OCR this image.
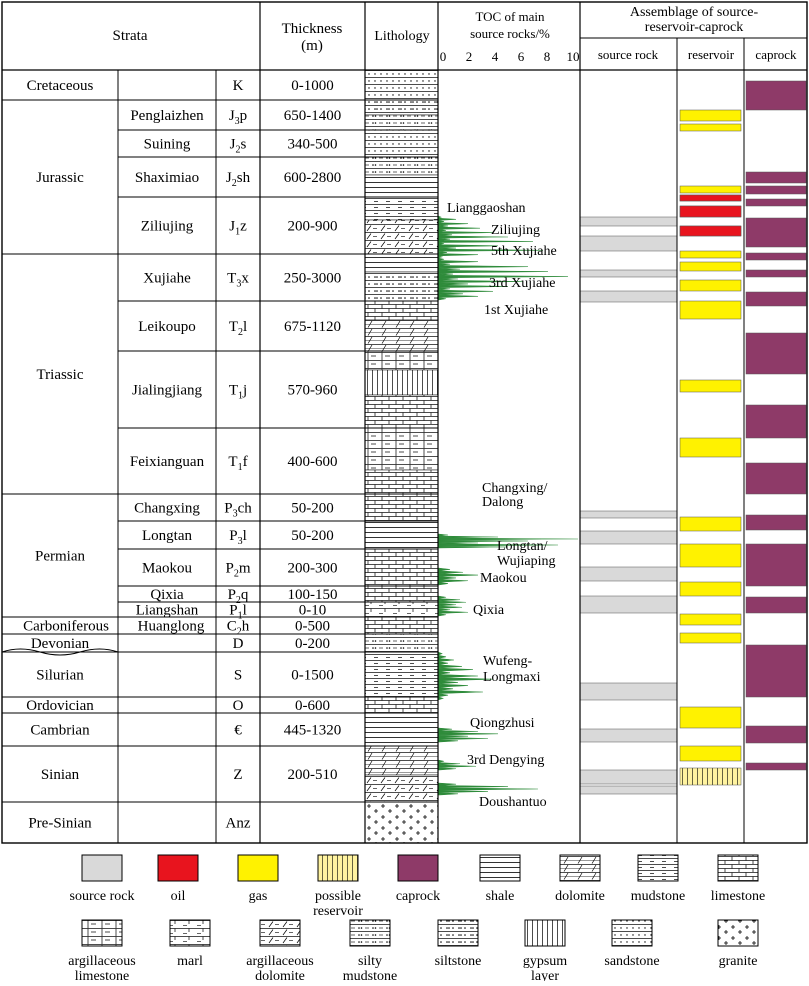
Strata	Thickness (m)
Lithology
TOC of main
source rocks/%
0 2 4 6 8 10
Assemblage of source-reservoir-caprock
source rock reservoir caprock
Cretaceous	K	0-1000
Jurassic
Penglaizhen $J_3p$ 650-1400
Suining	$J_2s$	340-500
Shaximiao $J_2sh$ 600-2800
Ziliujing $J_1z$	200-900
Triassic
Xujiahe $T_3x$ 250-3000
Leikoupo $T_2l$ 675-1120
Jialingjiang $T_1j$	570-960
Feixianguan $T_1f$	400-600
Permian
Changxing $P_3ch$	50-200
Longtan $P_3l$	50-200
Maokou $P_2m$ 200-300
Qixia	$P_2q$	100-150
Liangshan $P_1l$	0-10
Carboniferous Huanglong $C_2h$	0-500
Devonian	D	0-200
Silurian	S	0-1500
Ordovician	O	0-600
Cambrian	€	445-1320
Sinian	Z	200-510
Pre-Sinian	Anz
Lianggaoshan
Ziliujing
5th Xujiahe
3rd Xujiahe
1st Xujiahe
Changxing/
Dalong
Longtan/
Wujiaping
Maokou
Qixia
Wufeng-
Longmaxi
Qiongzhusi
3rd Dengying
Doushantuo
source rock	oil	gas	possible reservoir
caprock	shale	dolomite mudstone limestone
argillaceous limestone
marl	argillaceous dolomite
silty mudstone
siltstone	gypsum layer
sandstone	granite
